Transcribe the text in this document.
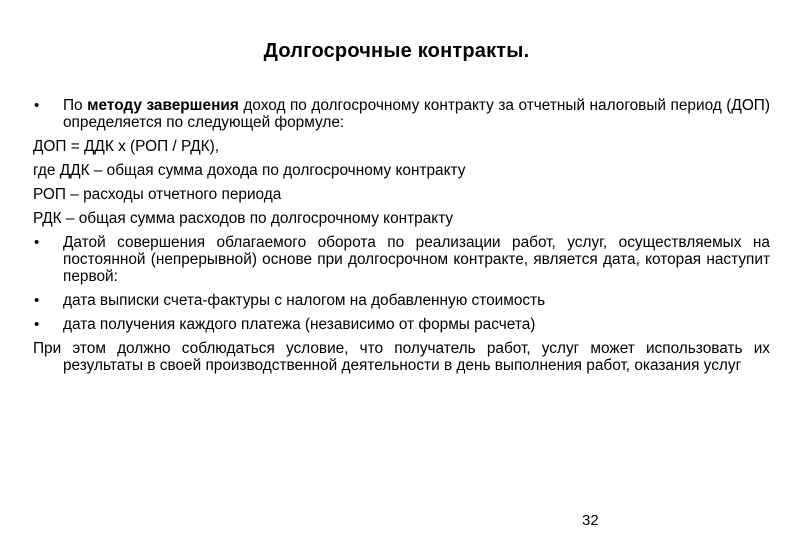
Долгосрочные контракты.
• По методу завершения доход по долгосрочному контракту за отчетный налоговый период (ДОП) определяется по следующей формуле:
ДОП = ДДК х (РОП / РДК),
где ДДК – общая сумма дохода по долгосрочному контракту
РОП – расходы отчетного периода
РДК – общая сумма расходов по долгосрочному контракту
• Датой совершения облагаемого оборота по реализации работ, услуг, осуществляемых на постоянной (непрерывной) основе при долгосрочном контракте, является дата, которая наступит первой:
• дата выписки счета-фактуры с налогом на добавленную стоимость
• дата получения каждого платежа (независимо от формы расчета)
При этом должно соблюдаться условие, что получатель работ, услуг может использовать их результаты в своей производственной деятельности в день выполнения работ, оказания услуг
32
